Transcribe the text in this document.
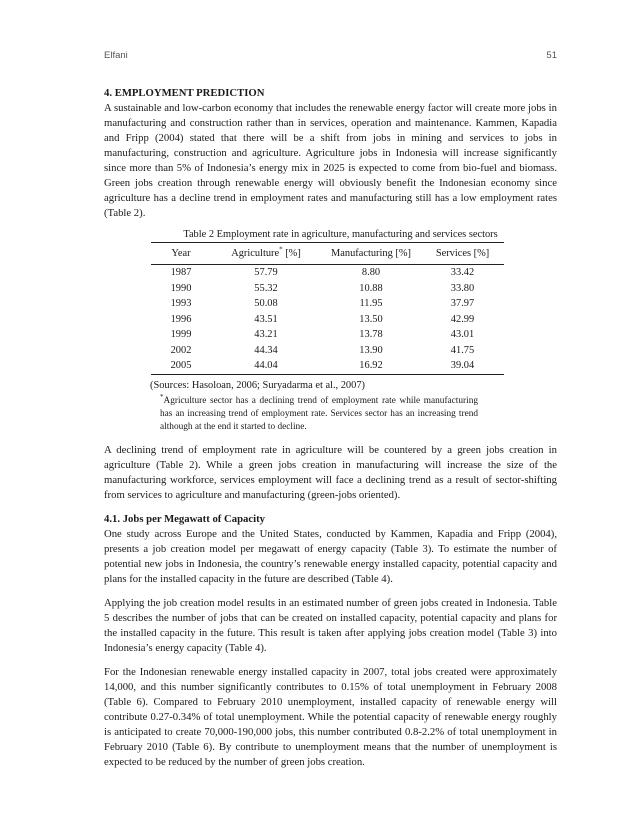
Elfani	51

4. EMPLOYMENT PREDICTION

A sustainable and low-carbon economy that includes the renewable energy factor will create more jobs in manufacturing and construction rather than in services, operation and maintenance. Kammen, Kapadia and Fripp (2004) stated that there will be a shift from jobs in mining and services to jobs in manufacturing, construction and agriculture. Agriculture jobs in Indonesia will increase significantly since more than 5% of Indonesia’s energy mix in 2025 is expected to come from bio-fuel and biomass. Green jobs creation through renewable energy will obviously benefit the Indonesian economy since agriculture has a decline trend in employment rates and manufacturing still has a low employment rates (Table 2).

Table 2 Employment rate in agriculture, manufacturing and services sectors
Year	Agriculture* [%]	Manufacturing [%]	Services [%]
1987	57.79	8.80	33.42
1990	55.32	10.88	33.80
1993	50.08	11.95	37.97
1996	43.51	13.50	42.99
1999	43.21	13.78	43.01
2002	44.34	13.90	41.75
2005	44.04	16.92	39.04
(Sources: Hasoloan, 2006; Suryadarma et al., 2007)
*Agriculture sector has a declining trend of employment rate while manufacturing has an increasing trend of employment rate. Services sector has an increasing trend although at the end it started to decline.

A declining trend of employment rate in agriculture will be countered by a green jobs creation in agriculture (Table 2). While a green jobs creation in manufacturing will increase the size of the manufacturing workforce, services employment will face a declining trend as a result of sector-shifting from services to agriculture and manufacturing (green-jobs oriented).

4.1. Jobs per Megawatt of Capacity

One study across Europe and the United States, conducted by Kammen, Kapadia and Fripp (2004), presents a job creation model per megawatt of energy capacity (Table 3). To estimate the number of potential new jobs in Indonesia, the country’s renewable energy installed capacity, potential capacity and plans for the installed capacity in the future are described (Table 4).

Applying the job creation model results in an estimated number of green jobs created in Indonesia. Table 5 describes the number of jobs that can be created on installed capacity, potential capacity and plans for the installed capacity in the future. This result is taken after applying jobs creation model (Table 3) into Indonesia’s energy capacity (Table 4).

For the Indonesian renewable energy installed capacity in 2007, total jobs created were approximately 14,000, and this number significantly contributes to 0.15% of total unemployment in February 2008 (Table 6). Compared to February 2010 unemployment, installed capacity of renewable energy will contribute 0.27-0.34% of total unemployment. While the potential capacity of renewable energy roughly is anticipated to create 70,000-190,000 jobs, this number contributed 0.8-2.2% of total unemployment in February 2010 (Table 6). By contribute to unemployment means that the number of unemployment is expected to be reduced by the number of green jobs creation.
